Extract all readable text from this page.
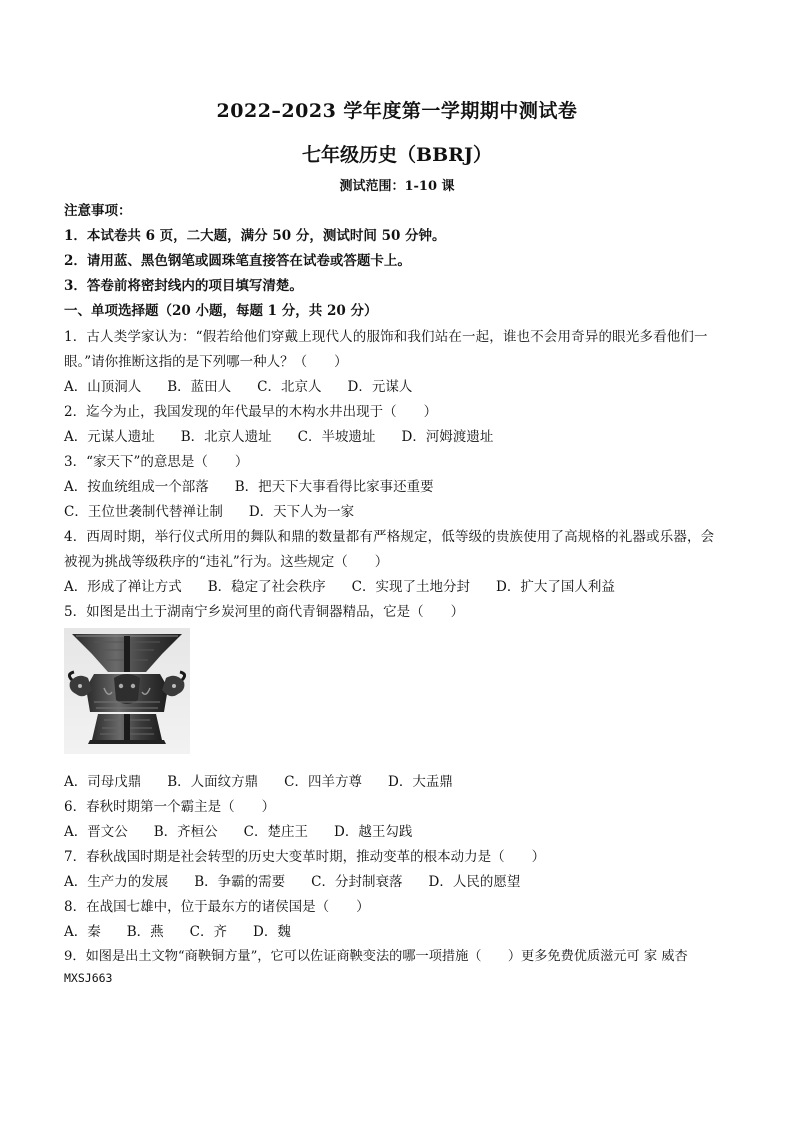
2022–2023 学年度第一学期期中测试卷
七年级历史（BBRJ）
测试范围：1-10 课
注意事项：
1．本试卷共 6 页，二大题，满分 50 分，测试时间 50 分钟。
2．请用蓝、黑色钢笔或圆珠笔直接答在试卷或答题卡上。
3．答卷前将密封线内的项目填写清楚。
一、单项选择题（20 小题，每题 1 分，共 20 分）
1．古人类学家认为：“假若给他们穿戴上现代人的服饰和我们站在一起，谁也不会用奇异的眼光多看他们一
眼。”请你推断这指的是下列哪一种人？（　　）
A．山顶洞人 B．蓝田人 C．北京人 D．元谋人
2．迄今为止，我国发现的年代最早的木构水井出现于（　　）
A．元谋人遗址 B．北京人遗址 C．半坡遗址 D．河姆渡遗址
3．“家天下”的意思是（　　）
A．按血统组成一个部落 B．把天下大事看得比家事还重要
C．王位世袭制代替禅让制 D．天下人为一家
4．西周时期，举行仪式所用的舞队和鼎的数量都有严格规定，低等级的贵族使用了高规格的礼器或乐器，会
被视为挑战等级秩序的“违礼”行为。这些规定（　　）
A．形成了禅让方式 B．稳定了社会秩序 C．实现了土地分封 D．扩大了国人利益
5．如图是出土于湖南宁乡炭河里的商代青铜器精品，它是（　　）
A．司母戊鼎 B．人面纹方鼎 C．四羊方尊 D．大盂鼎
6．春秋时期第一个霸主是（　　）
A．晋文公 B．齐桓公 C．楚庄王 D．越王勾践
7．春秋战国时期是社会转型的历史大变革时期，推动变革的根本动力是（　　）
A．生产力的发展 B．争霸的需要 C．分封制衰落 D．人民的愿望
8．在战国七雄中，位于最东方的诸侯国是（　　）
A．秦 B．燕 C．齐 D．魏
9．如图是出土文物“商鞅铜方量”，它可以佐证商鞅变法的哪一项措施（　　）更多免费优质滋元可 家 威杏
MXSJ663
